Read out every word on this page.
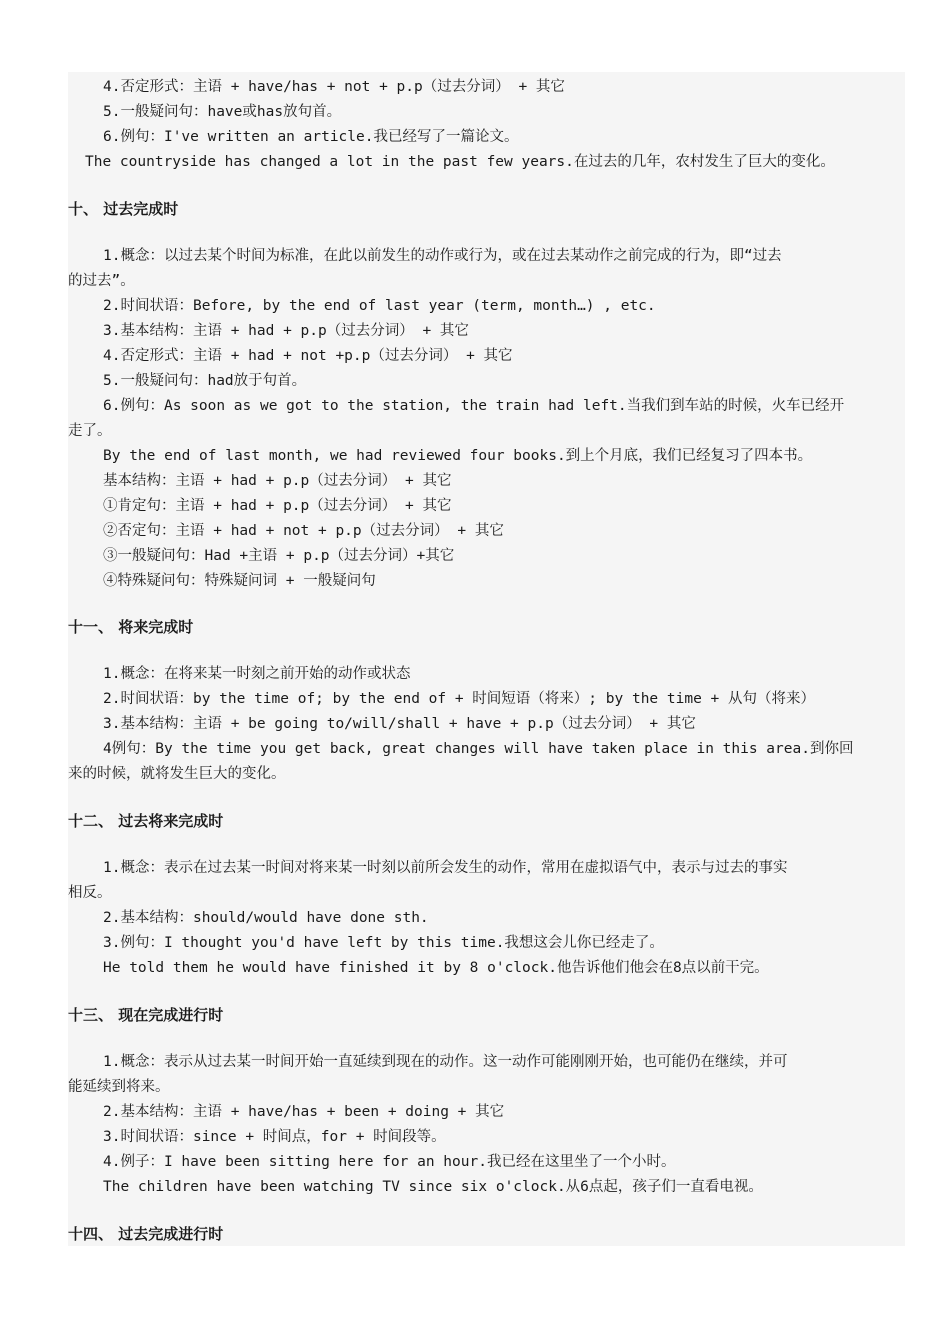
4.否定形式：主语 + have/has + not + p.p（过去分词） + 其它
5.一般疑问句：have或has放句首。
6.例句：I've written an article.我已经写了一篇论文。
The countryside has changed a lot in the past few years.在过去的几年，农村发生了巨大的变化。
十、 过去完成时
1.概念：以过去某个时间为标准，在此以前发生的动作或行为，或在过去某动作之前完成的行为，即“过去
的过去”。
2.时间状语：Before, by the end of last year (term, month…) , etc.
3.基本结构：主语 + had + p.p（过去分词） + 其它
4.否定形式：主语 + had + not +p.p（过去分词） + 其它
5.一般疑问句：had放于句首。
6.例句：As soon as we got to the station, the train had left.当我们到车站的时候，火车已经开
走了。
By the end of last month, we had reviewed four books.到上个月底，我们已经复习了四本书。
基本结构：主语 + had + p.p（过去分词） + 其它
①肯定句：主语 + had + p.p（过去分词） + 其它
②否定句：主语 + had + not + p.p（过去分词） + 其它
③一般疑问句：Had +主语 + p.p（过去分词）+其它
④特殊疑问句：特殊疑问词 + 一般疑问句
十一、 将来完成时
1.概念：在将来某一时刻之前开始的动作或状态
2.时间状语：by the time of; by the end of + 时间短语（将来）; by the time + 从句（将来）
3.基本结构：主语 + be going to/will/shall + have + p.p（过去分词） + 其它
4例句：By the time you get back, great changes will have taken place in this area.到你回
来的时候，就将发生巨大的变化。
十二、 过去将来完成时
1.概念：表示在过去某一时间对将来某一时刻以前所会发生的动作，常用在虚拟语气中，表示与过去的事实
相反。
2.基本结构：should/would have done sth.
3.例句：I thought you'd have left by this time.我想这会儿你已经走了。
He told them he would have finished it by 8 o'clock.他告诉他们他会在8点以前干完。
十三、 现在完成进行时
1.概念：表示从过去某一时间开始一直延续到现在的动作。这一动作可能刚刚开始，也可能仍在继续，并可
能延续到将来。
2.基本结构：主语 + have/has + been + doing + 其它
3.时间状语：since + 时间点，for + 时间段等。
4.例子：I have been sitting here for an hour.我已经在这里坐了一个小时。
The children have been watching TV since six o'clock.从6点起，孩子们一直看电视。
十四、 过去完成进行时
